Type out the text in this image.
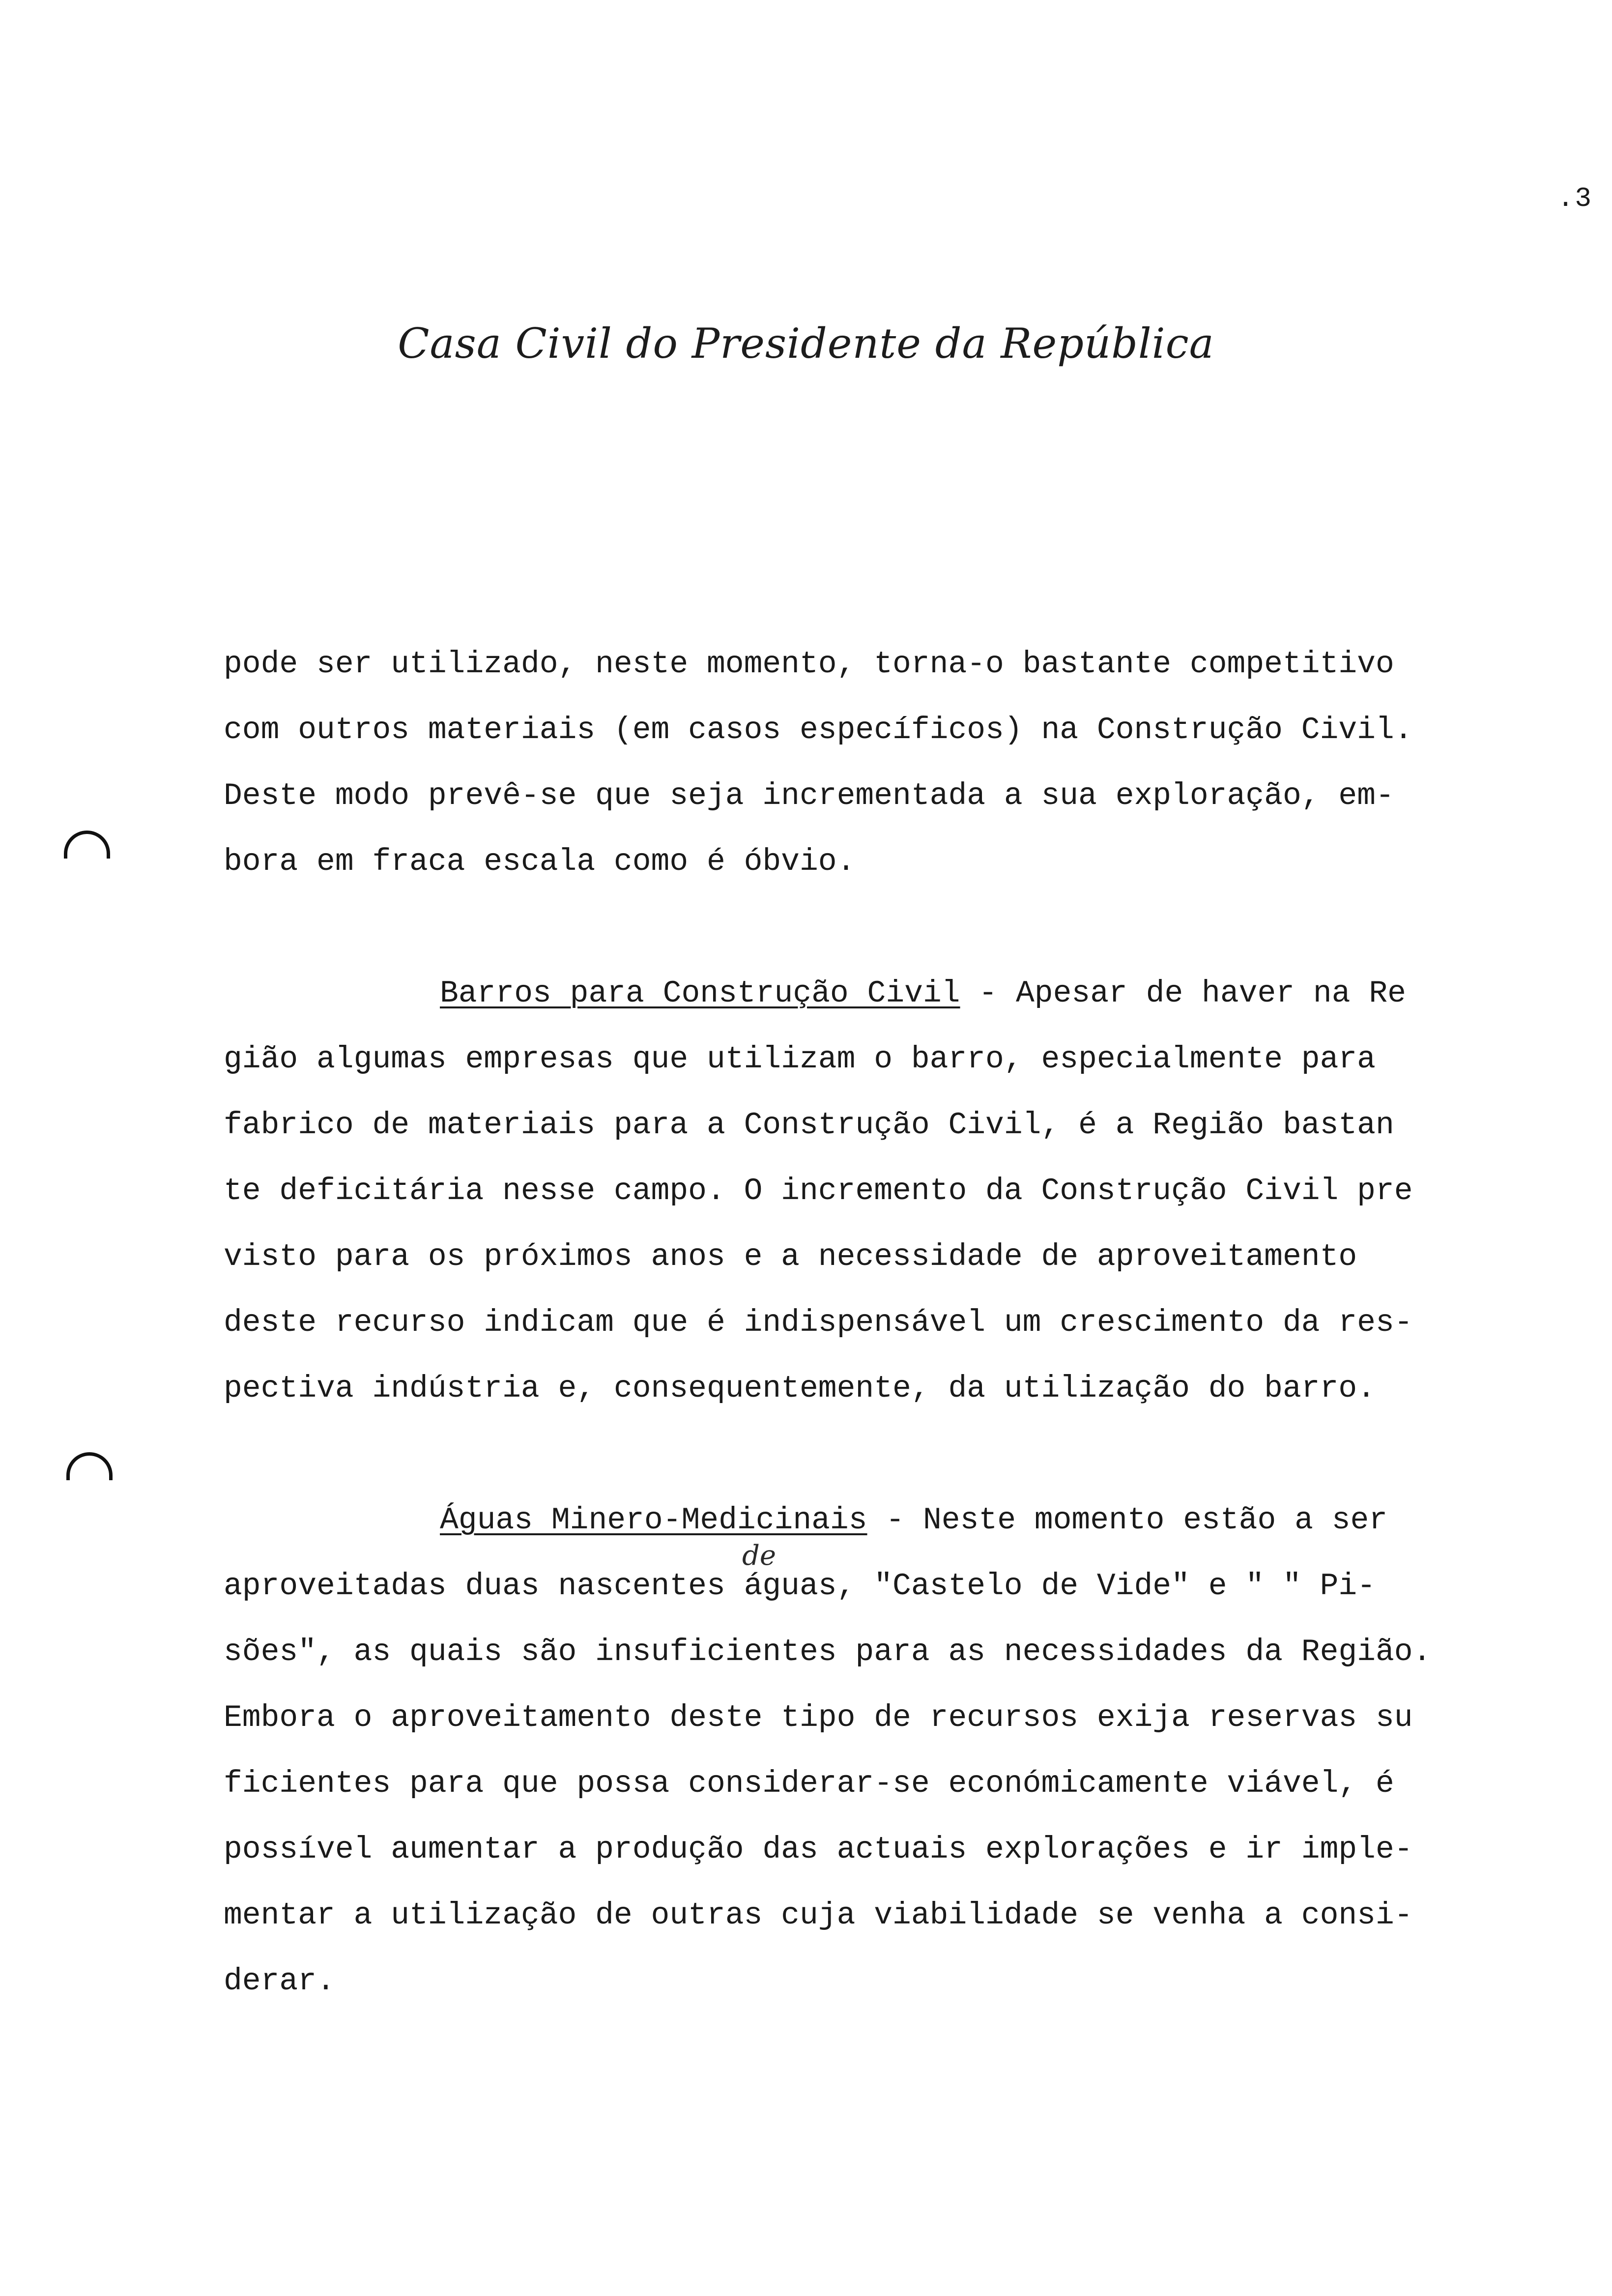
.3
Casa Civil do Presidente da República
pode ser utilizado, neste momento, torna-o bastante competitivo
com outros materiais (em casos específicos) na Construção Civil.
Deste modo prevê-se que seja incrementada a sua exploração, em-
bora em fraca escala como é óbvio.
Barros para Construção Civil - Apesar de haver na Re
gião algumas empresas que utilizam o barro, especialmente para
fabrico de materiais para a Construção Civil, é a Região bastan
te deficitária nesse campo. O incremento da Construção Civil pre
visto para os próximos anos e a necessidade de aproveitamento
deste recurso indicam que é indispensável um crescimento da res-
pectiva indústria e, consequentemente, da utilização do barro.
Águas Minero-Medicinais - Neste momento estão a ser
de
aproveitadas duas nascentes águas, "Castelo de Vide" e " " Pi-
sões", as quais são insuficientes para as necessidades da Região.
Embora o aproveitamento deste tipo de recursos exija reservas su
ficientes para que possa considerar-se económicamente viável, é
possível aumentar a produção das actuais explorações e ir imple-
mentar a utilização de outras cuja viabilidade se venha a consi-
derar.
